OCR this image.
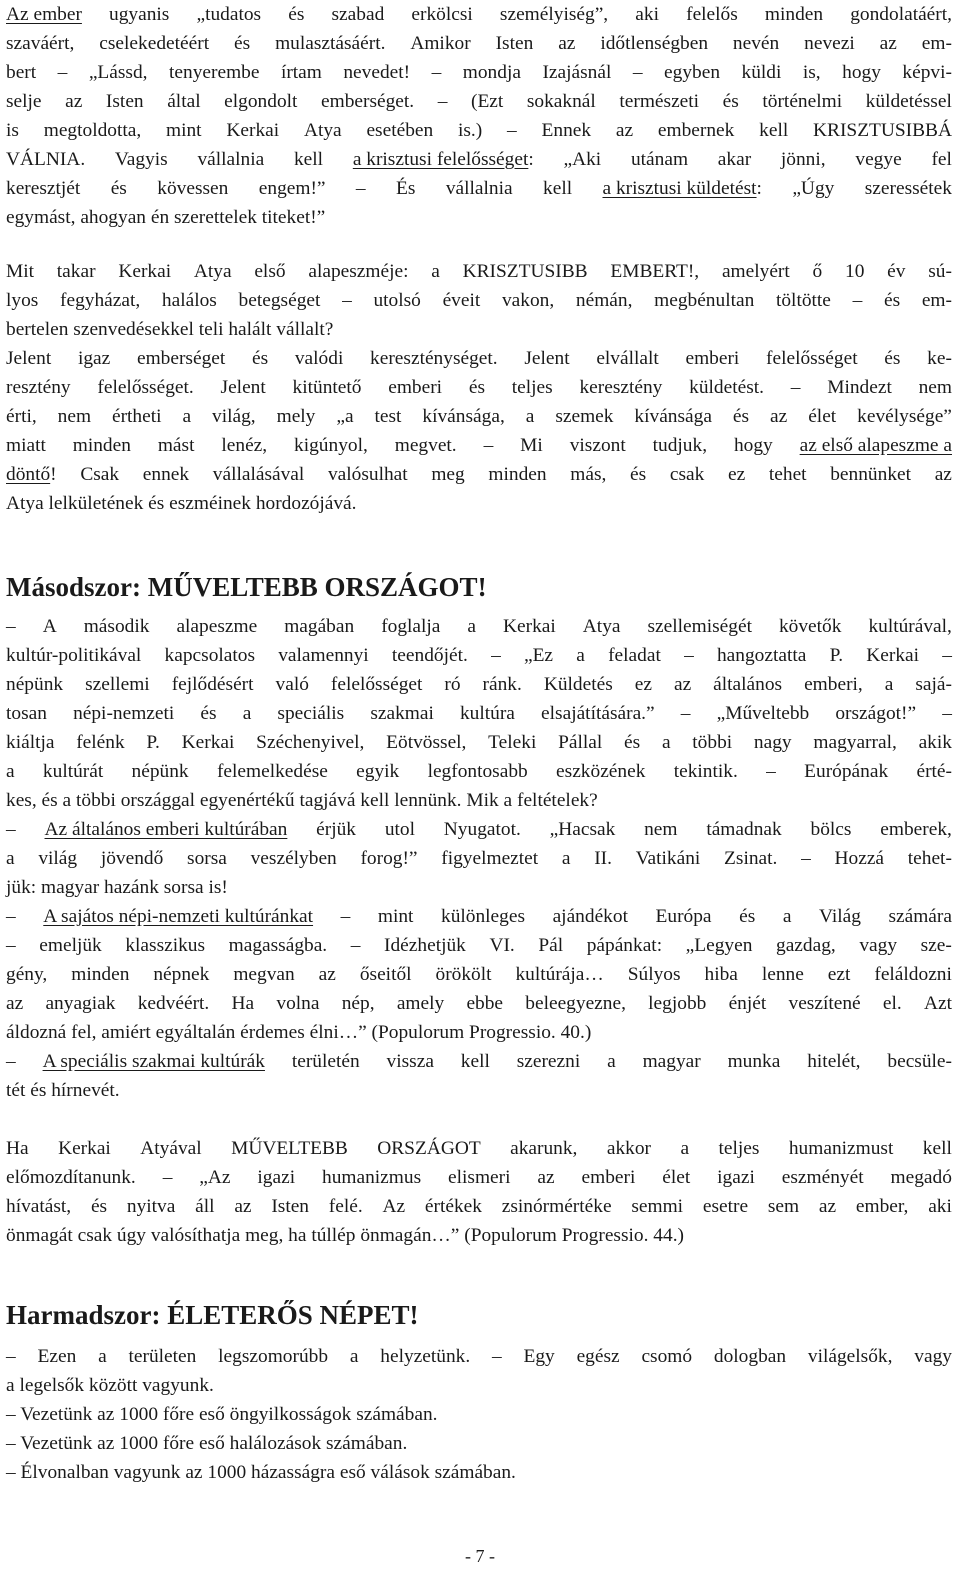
Az ember ugyanis „tudatos és szabad erkölcsi személyiség”, aki felelős minden gondolatáért,
szaváért, cselekedetéért és mulasztásáért. Amikor Isten az időtlenségben nevén nevezi az em-
bert – „Lássd, tenyerembe írtam nevedet! – mondja Izajásnál – egyben küldi is, hogy képvi-
selje az Isten által elgondolt emberséget. – (Ezt sokaknál természeti és történelmi küldetéssel
is megtoldotta, mint Kerkai Atya esetében is.) – Ennek az embernek kell KRISZTUSIBBÁ
VÁLNIA. Vagyis vállalnia kell a krisztusi felelősséget: „Aki utánam akar jönni, vegye fel
keresztjét és kövessen engem!” – És vállalnia kell a krisztusi küldetést: „Úgy szeressétek
egymást, ahogyan én szerettelek titeket!”
Mit takar Kerkai Atya első alapeszméje: a KRISZTUSIBB EMBERT!, amelyért ő 10 év sú-
lyos fegyházat, halálos betegséget – utolsó éveit vakon, némán, megbénultan töltötte – és em-
bertelen szenvedésekkel teli halált vállalt?
Jelent igaz emberséget és valódi kereszténységet. Jelent elvállalt emberi felelősséget és ke-
resztény felelősséget. Jelent kitüntető emberi és teljes keresztény küldetést. – Mindezt nem
érti, nem értheti a világ, mely „a test kívánsága, a szemek kívánsága és az élet kevélysége”
miatt minden mást lenéz, kigúnyol, megvet. – Mi viszont tudjuk, hogy az első alapeszme a
döntő! Csak ennek vállalásával valósulhat meg minden más, és csak ez tehet bennünket az
Atya lelkületének és eszméinek hordozójává.
– A második alapeszme magában foglalja a Kerkai Atya szellemiségét követők kultúrával,
kultúr-politikával kapcsolatos valamennyi teendőjét. – „Ez a feladat – hangoztatta P. Kerkai –
népünk szellemi fejlődésért való felelősséget ró ránk. Küldetés ez az általános emberi, a sajá-
tosan népi-nemzeti és a speciális szakmai kultúra elsajátítására.” – „Műveltebb országot!” –
kiáltja felénk P. Kerkai Széchenyivel, Eötvössel, Teleki Pállal és a többi nagy magyarral, akik
a kultúrát népünk felemelkedése egyik legfontosabb eszközének tekintik. – Európának érté-
kes, és a többi országgal egyenértékű tagjává kell lennünk. Mik a feltételek?
– Az általános emberi kultúrában érjük utol Nyugatot. „Hacsak nem támadnak bölcs emberek,
a világ jövendő sorsa veszélyben forog!” figyelmeztet a II. Vatikáni Zsinat. – Hozzá tehet-
jük: magyar hazánk sorsa is!
– A sajátos népi-nemzeti kultúránkat – mint különleges ajándékot Európa és a Világ számára
– emeljük klasszikus magasságba. – Idézhetjük VI. Pál pápánkat: „Legyen gazdag, vagy sze-
gény, minden népnek megvan az őseitől örökölt kultúrája… Súlyos hiba lenne ezt feláldozni
az anyagiak kedvéért. Ha volna nép, amely ebbe beleegyezne, legjobb énjét veszítené el. Azt
áldozná fel, amiért egyáltalán érdemes élni…” (Populorum Progressio. 40.)
– A speciális szakmai kultúrák területén vissza kell szerezni a magyar munka hitelét, becsüle-
tét és hírnevét.
Ha Kerkai Atyával MŰVELTEBB ORSZÁGOT akarunk, akkor a teljes humanizmust kell
előmozdítanunk. – „Az igazi humanizmus elismeri az emberi élet igazi eszményét megadó
hívatást, és nyitva áll az Isten felé. Az értékek zsinórmértéke semmi esetre sem az ember, aki
önmagát csak úgy valósíthatja meg, ha túllép önmagán…” (Populorum Progressio. 44.)
– Ezen a területen legszomorúbb a helyzetünk. – Egy egész csomó dologban világelsők, vagy
a legelsők között vagyunk.
– Vezetünk az 1000 főre eső öngyilkosságok számában.
– Vezetünk az 1000 főre eső halálozások számában.
– Élvonalban vagyunk az 1000 házasságra eső válások számában.
Másodszor: MŰVELTEBB ORSZÁGOT!
Harmadszor: ÉLETERŐS NÉPET!
- 7 -
